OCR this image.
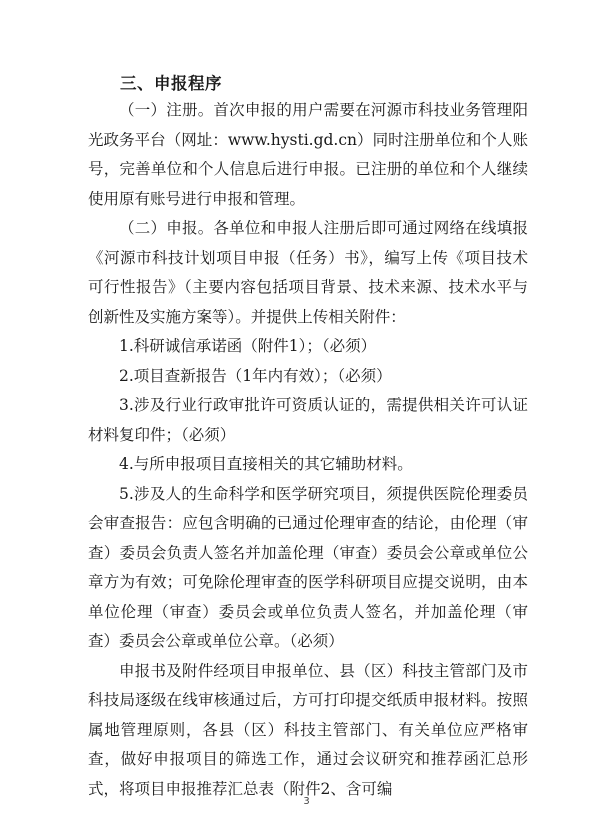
三、申报程序

（一）注册。首次申报的用户需要在河源市科技业务管理阳光政务平台（网址：www.hysti.gd.cn）同时注册单位和个人账号，完善单位和个人信息后进行申报。已注册的单位和个人继续使用原有账号进行申报和管理。

（二）申报。各单位和申报人注册后即可通过网络在线填报《河源市科技计划项目申报（任务）书》，编写上传《项目技术可行性报告》（主要内容包括项目背景、技术来源、技术水平与创新性及实施方案等）。并提供上传相关附件：

1.科研诚信承诺函（附件1）；（必须）

2.项目查新报告（1年内有效）；（必须）

3.涉及行业行政审批许可资质认证的，需提供相关许可认证材料复印件；（必须）

4.与所申报项目直接相关的其它辅助材料。

5.涉及人的生命科学和医学研究项目，须提供医院伦理委员会审查报告：应包含明确的已通过伦理审查的结论，由伦理（审查）委员会负责人签名并加盖伦理（审查）委员会公章或单位公章方为有效；可免除伦理审查的医学科研项目应提交说明，由本单位伦理（审查）委员会或单位负责人签名，并加盖伦理（审查）委员会公章或单位公章。（必须）

申报书及附件经项目申报单位、县（区）科技主管部门及市科技局逐级在线审核通过后，方可打印提交纸质申报材料。按照属地管理原则，各县（区）科技主管部门、有关单位应严格审查，做好申报项目的筛选工作，通过会议研究和推荐函汇总形式，将项目申报推荐汇总表（附件2、含可编

3
